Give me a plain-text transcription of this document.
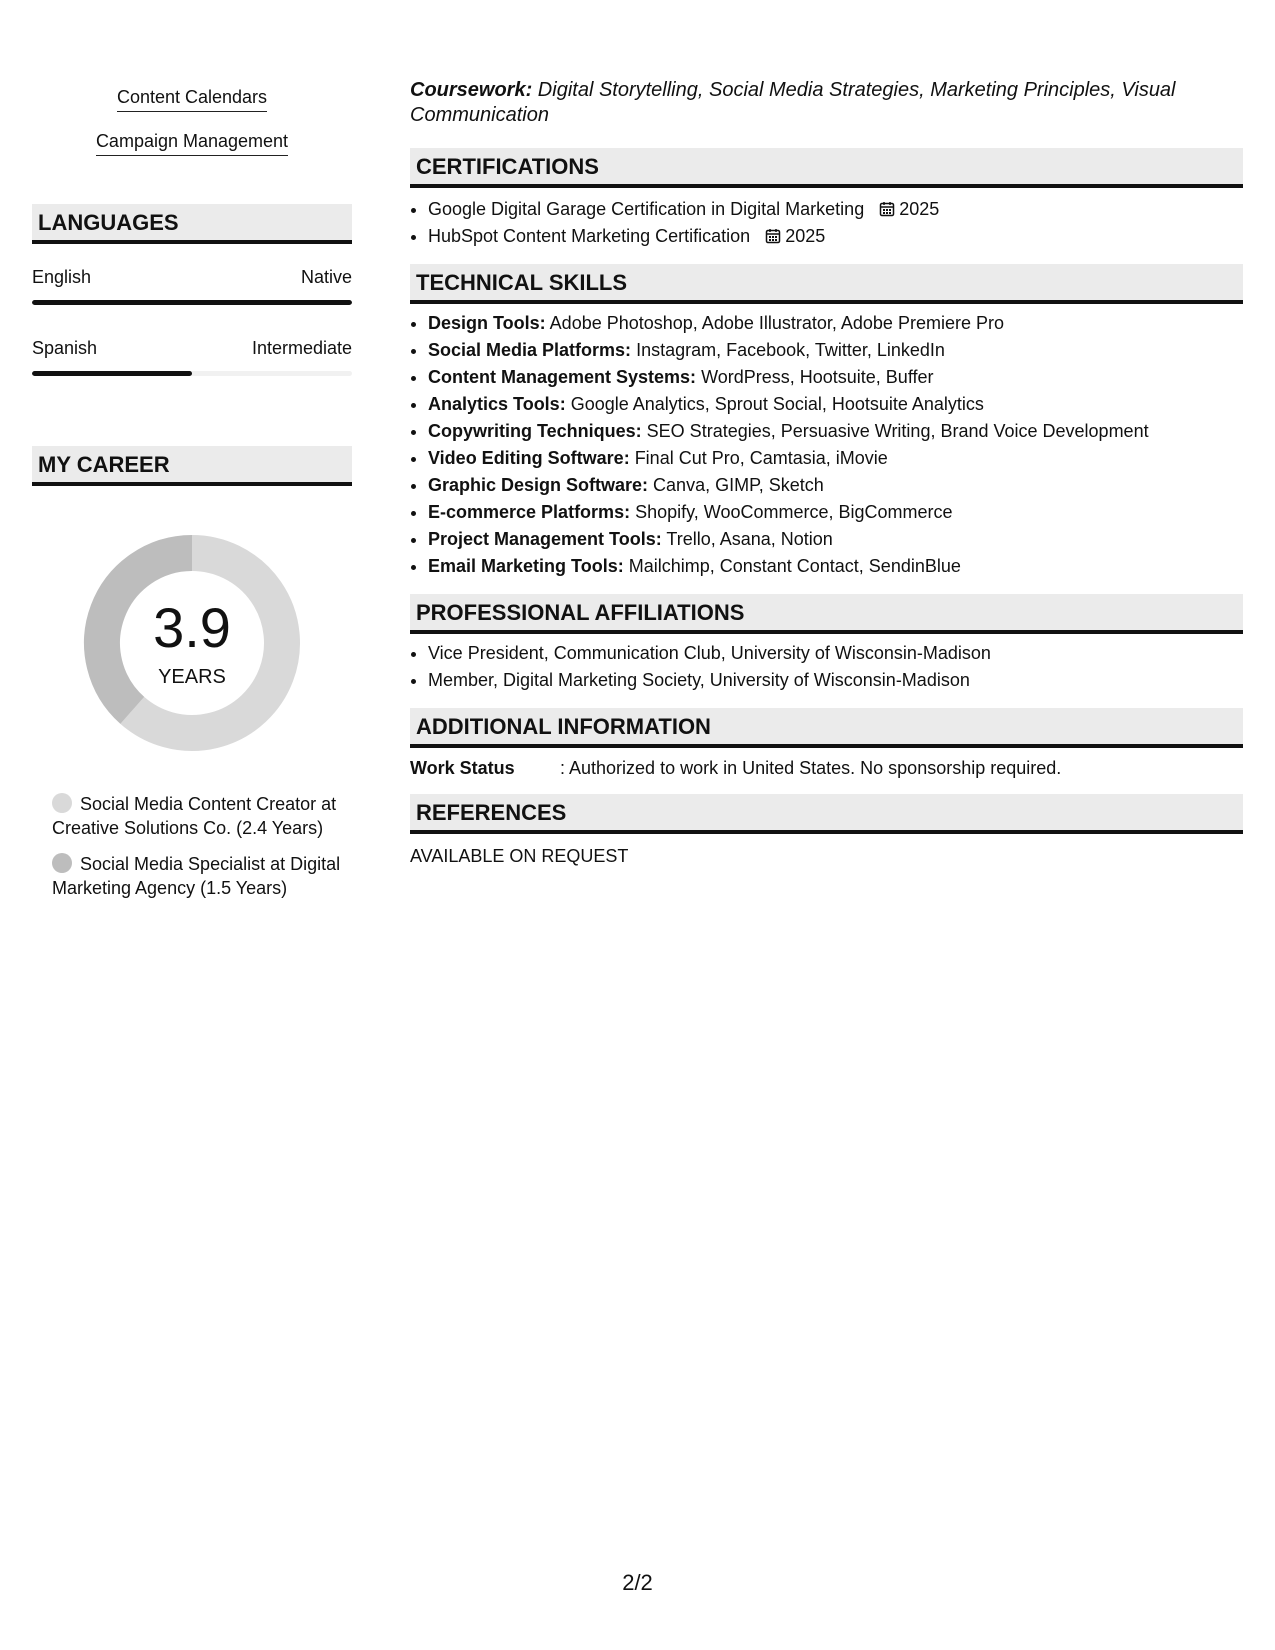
Content Calendars
Campaign Management
LANGUAGES
English	Native
Spanish	Intermediate
MY CAREER
3.9
YEARS
Social Media Content Creator at Creative Solutions Co. (2.4 Years)
Social Media Specialist at Digital Marketing Agency (1.5 Years)
Coursework: Digital Storytelling, Social Media Strategies, Marketing Principles, Visual Communication
CERTIFICATIONS
• Google Digital Garage Certification in Digital Marketing 2025
• HubSpot Content Marketing Certification 2025
TECHNICAL SKILLS
• Design Tools: Adobe Photoshop, Adobe Illustrator, Adobe Premiere Pro
• Social Media Platforms: Instagram, Facebook, Twitter, LinkedIn
• Content Management Systems: WordPress, Hootsuite, Buffer
• Analytics Tools: Google Analytics, Sprout Social, Hootsuite Analytics
• Copywriting Techniques: SEO Strategies, Persuasive Writing, Brand Voice Development
• Video Editing Software: Final Cut Pro, Camtasia, iMovie
• Graphic Design Software: Canva, GIMP, Sketch
• E-commerce Platforms: Shopify, WooCommerce, BigCommerce
• Project Management Tools: Trello, Asana, Notion
• Email Marketing Tools: Mailchimp, Constant Contact, SendinBlue
PROFESSIONAL AFFILIATIONS
• Vice President, Communication Club, University of Wisconsin-Madison
• Member, Digital Marketing Society, University of Wisconsin-Madison
ADDITIONAL INFORMATION
Work Status	: Authorized to work in United States. No sponsorship required.
REFERENCES
AVAILABLE ON REQUEST
2/2
